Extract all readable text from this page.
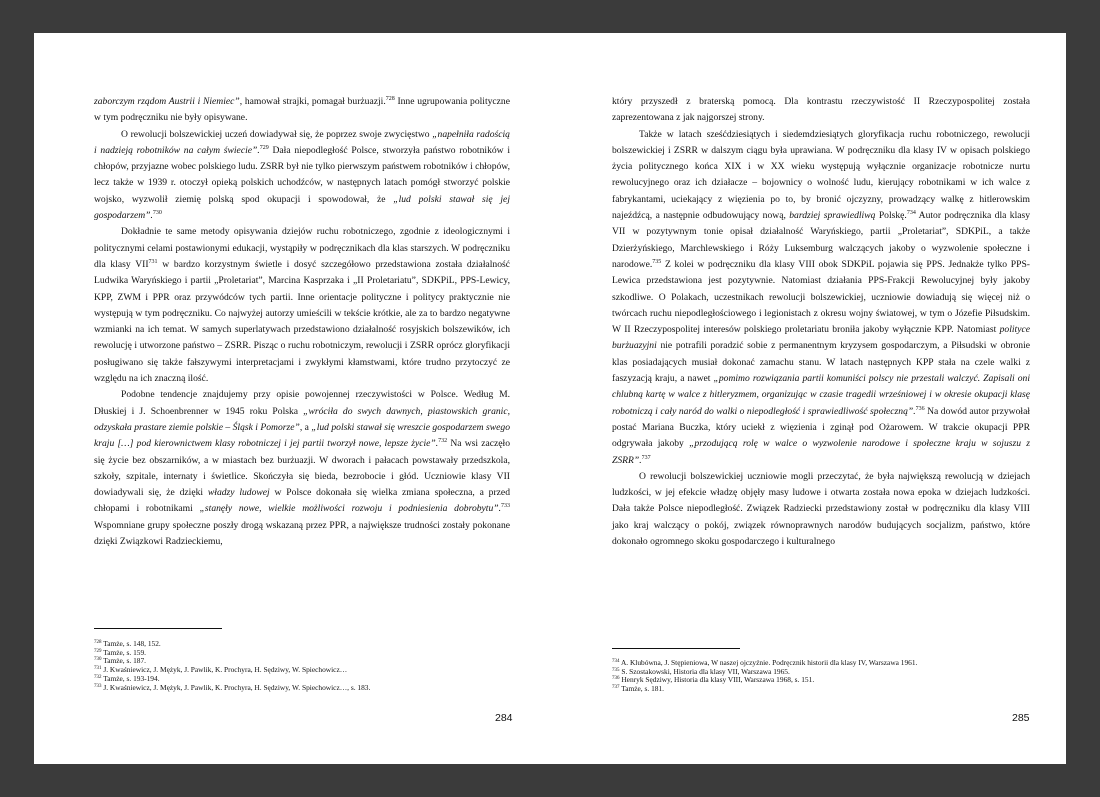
zaborczym rządom Austrii i Niemiec”, hamował strajki, pomagał burżuazji.$^{728}$ Inne ugrupowania polityczne w tym podręczniku nie były opisywane.

O rewolucji bolszewickiej uczeń dowiadywał się, że poprzez swoje zwycięstwo „napełniła radością i nadzieją robotników na całym świecie”.$^{729}$ Dała niepodległość Polsce, stworzyła państwo robotników i chłopów, przyjazne wobec polskiego ludu. ZSRR był nie tylko pierwszym państwem robotników i chłopów, lecz także w 1939 r. otoczył opieką polskich uchodźców, w następnych latach pomógł stworzyć polskie wojsko, wyzwolił ziemię polską spod okupacji i spowodował, że „lud polski stawał się jej gospodarzem”.$^{730}$

Dokładnie te same metody opisywania dziejów ruchu robotniczego, zgodnie z ideologicznymi i politycznymi celami postawionymi edukacji, wystąpiły w podręcznikach dla klas starszych. W podręczniku dla klasy VII$^{731}$ w bardzo korzystnym świetle i dosyć szczegółowo przedstawiona została działalność Ludwika Waryńskiego i partii „Proletariat”, Marcina Kasprzaka i „II Proletariatu”, SDKPiL, PPS-Lewicy, KPP, ZWM i PPR oraz przywódców tych partii. Inne orientacje polityczne i politycy praktycznie nie występują w tym podręczniku. Co najwyżej autorzy umieścili w tekście krótkie, ale za to bardzo negatywne wzmianki na ich temat. W samych superlatywach przedstawiono działalność rosyjskich bolszewików, ich rewolucję i utworzone państwo – ZSRR. Pisząc o ruchu robotniczym, rewolucji i ZSRR oprócz gloryfikacji posługiwano się także fałszywymi interpretacjami i zwykłymi kłamstwami, które trudno przytoczyć ze względu na ich znaczną ilość.

Podobne tendencje znajdujemy przy opisie powojennej rzeczywistości w Polsce. Według M. Dłuskiej i J. Schoenbrenner w 1945 roku Polska „wróciła do swych dawnych, piastowskich granic, odzyskała prastare ziemie polskie – Śląsk i Pomorze”, a „lud polski stawał się wreszcie gospodarzem swego kraju […] pod kierownictwem klasy robotniczej i jej partii tworzył nowe, lepsze życie”.$^{732}$ Na wsi zaczęło się życie bez obszarników, a w miastach bez burżuazji. W dworach i pałacach powstawały przedszkola, szkoły, szpitale, internaty i świetlice. Skończyła się bieda, bezrobocie i głód. Uczniowie klasy VII dowiadywali się, że dzięki władzy ludowej w Polsce dokonała się wielka zmiana społeczna, a przed chłopami i robotnikami „stanęły nowe, wielkie możliwości rozwoju i podniesienia dobrobytu”.$^{733}$ Wspomniane grupy społeczne poszły drogą wskazaną przez PPR, a największe trudności zostały pokonane dzięki Związkowi Radzieckiemu,

$^{728}$ Tamże, s. 148, 152.
$^{729}$ Tamże, s. 159.
$^{730}$ Tamże, s. 187.
$^{731}$ J. Kwaśniewicz, J. Mężyk, J. Pawlik, K. Prochyra, H. Sędziwy, W. Spiechowicz…
$^{732}$ Tamże, s. 193-194.
$^{733}$ J. Kwaśniewicz, J. Mężyk, J. Pawlik, K. Prochyra, H. Sędziwy, W. Spiechowicz…, s. 183.
284

który przyszedł z braterską pomocą. Dla kontrastu rzeczywistość II Rzeczypospolitej została zaprezentowana z jak najgorszej strony.

Także w latach sześćdziesiątych i siedemdziesiątych gloryfikacja ruchu robotniczego, rewolucji bolszewickiej i ZSRR w dalszym ciągu była uprawiana. W podręczniku dla klasy IV w opisach polskiego życia politycznego końca XIX i w XX wieku występują wyłącznie organizacje robotnicze nurtu rewolucyjnego oraz ich działacze – bojownicy o wolność ludu, kierujący robotnikami w ich walce z fabrykantami, uciekający z więzienia po to, by bronić ojczyzny, prowadzący walkę z hitlerowskim najeźdźcą, a następnie odbudowujący nową, bardziej sprawiedliwą Polskę.$^{734}$ Autor podręcznika dla klasy VII w pozytywnym tonie opisał działalność Waryńskiego, partii „Proletariat”, SDKPiL, a także Dzierżyńskiego, Marchlewskiego i Róży Luksemburg walczących jakoby o wyzwolenie społeczne i narodowe.$^{735}$ Z kolei w podręczniku dla klasy VIII obok SDKPiL pojawia się PPS. Jednakże tylko PPS-Lewica przedstawiona jest pozytywnie. Natomiast działania PPS-Frakcji Rewolucyjnej były jakoby szkodliwe. O Polakach, uczestnikach rewolucji bolszewickiej, uczniowie dowiadują się więcej niż o twórcach ruchu niepodległościowego i legionistach z okresu wojny światowej, w tym o Józefie Piłsudskim. W II Rzeczypospolitej interesów polskiego proletariatu broniła jakoby wyłącznie KPP. Natomiast polityce burżuazyjni nie potrafili poradzić sobie z permanentnym kryzysem gospodarczym, a Piłsudski w obronie klas posiadających musiał dokonać zamachu stanu. W latach następnych KPP stała na czele walki z faszyzacją kraju, a nawet „pomimo rozwiązania partii komuniści polscy nie przestali walczyć. Zapisali oni chlubną kartę w walce z hitleryzmem, organizując w czasie tragedii wrześniowej i w okresie okupacji klasę robotniczą i cały naród do walki o niepodległość i sprawiedliwość społeczną”.$^{736}$ Na dowód autor przywołał postać Mariana Buczka, który uciekł z więzienia i zginął pod Ożarowem. W trakcie okupacji PPR odgrywała jakoby „przodującą rolę w walce o wyzwolenie narodowe i społeczne kraju w sojuszu z ZSRR”.$^{737}$

O rewolucji bolszewickiej uczniowie mogli przeczytać, że była największą rewolucją w dziejach ludzkości, w jej efekcie władzę objęły masy ludowe i otwarta została nowa epoka w dziejach ludzkości. Dała także Polsce niepodległość. Związek Radziecki przedstawiony został w podręczniku dla klasy VIII jako kraj walczący o pokój, związek równoprawnych narodów budujących socjalizm, państwo, które dokonało ogromnego skoku gospodarczego i kulturalnego

$^{734}$ A. Klubówna, J. Stępieniowa, W naszej ojczyźnie. Podręcznik historii dla klasy IV, Warszawa 1961.
$^{735}$ S. Szostakowski, Historia dla klasy VII, Warszawa 1965.
$^{736}$ Henryk Sędziwy, Historia dla klasy VIII, Warszawa 1968, s. 151.
$^{737}$ Tamże, s. 181.
285
